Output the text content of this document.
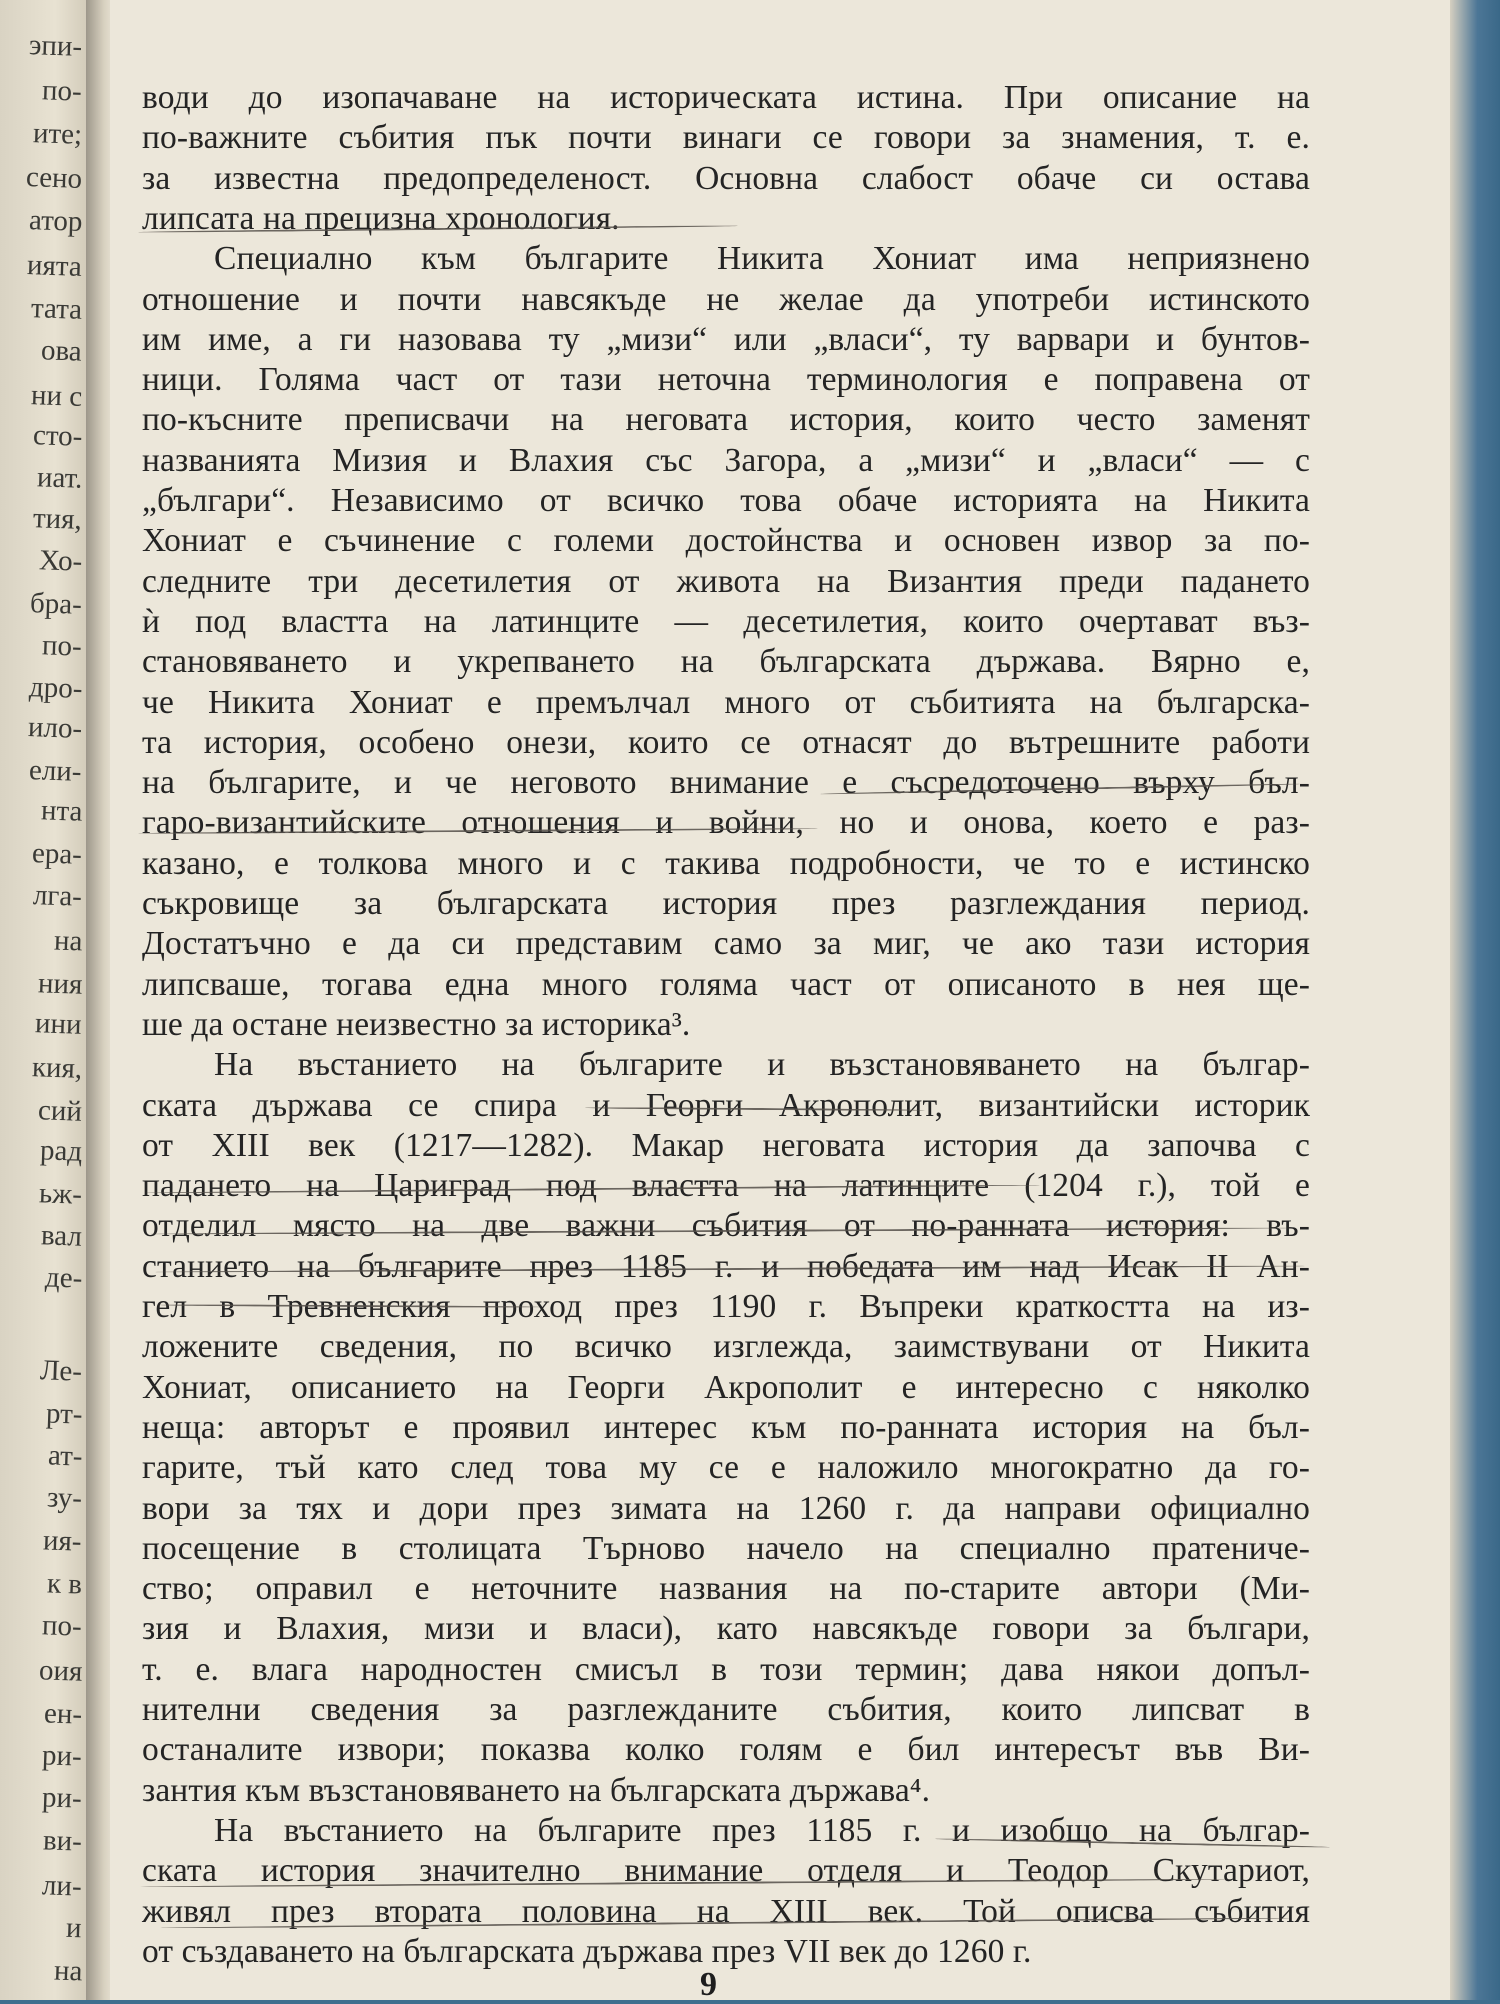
эпи-
по-
ите;
сено
атор
ията
тата
ова
ни с
сто-
иат.
тия,
Хо-
бра-
по-
дро-
ило-
ели-
нта
ера-
лга-
на
ния
ини
кия,
сий
рад
ьж-
вал
де-
Ле-
рт-
ат-
зу-
ия-
к в
по-
оия
ен-
ри-
ри-
ви-
ли-
и
на
води до изопачаване на историческата истина. При описание на
по-важните събития пък почти винаги се говори за знамения, т. е.
за известна предопределеност. Основна слабост обаче си остава
липсата на прецизна хронология.
Специално към българите Никита Хониат има неприязнено
отношение и почти навсякъде не желае да употреби истинското
им име, а ги назовава ту „мизи“ или „власи“, ту варвари и бунтов-
ници. Голяма част от тази неточна терминология е поправена от
по-късните преписвачи на неговата история, които често заменят
названията Мизия и Влахия със Загора, а „мизи“ и „власи“ — с
„българи“. Независимо от всичко това обаче историята на Никита
Хониат е съчинение с големи достойнства и основен извор за по-
следните три десетилетия от живота на Византия преди падането
ѝ под властта на латинците — десетилетия, които очертават въз-
становяването и укрепването на българската държава. Вярно е,
че Никита Хониат е премълчал много от събитията на българска-
та история, особено онези, които се отнасят до вътрешните работи
на българите, и че неговото внимание е съсредоточено върху бъл-
гаро-византийските отношения и войни, но и онова, което е раз-
казано, е толкова много и с такива подробности, че то е истинско
съкровище за българската история през разглеждания период.
Достатъчно е да си представим само за миг, че ако тази история
липсваше, тогава една много голяма част от описаното в нея ще-
ше да остане неизвестно за историка³.
На въстанието на българите и възстановяването на българ-
ската държава се спира и Георги Акрополит, византийски историк
от XIII век (1217—1282). Макар неговата история да започва с
падането на Цариград под властта на латинците (1204 г.), той е
отделил място на две важни събития от по-ранната история: въ-
станието на българите през 1185 г. и победата им над Исак II Ан-
гел в Тревненския проход през 1190 г. Въпреки краткостта на из-
ложените сведения, по всичко изглежда, заимствувани от Никита
Хониат, описанието на Георги Акрополит е интересно с няколко
неща: авторът е проявил интерес към по-ранната история на бъл-
гарите, тъй като след това му се е наложило многократно да го-
вори за тях и дори през зимата на 1260 г. да направи официално
посещение в столицата Търново начело на специално пратеничe-
ство; оправил е неточните названия на по-старите автори (Ми-
зия и Влахия, мизи и власи), като навсякъде говори за българи,
т. е. влага народностен смисъл в този термин; дава някои допъл-
нителни сведения за разглежданите събития, които липсват в
останалите извори; показва колко голям е бил интересът във Ви-
зантия към възстановяването на българската държава⁴.
На въстанието на българите през 1185 г. и изобщо на българ-
ската история значително внимание отделя и Теодор Скутариот,
живял през втората половина на XIII век. Той описва събития
от създаването на българската държава през VII век до 1260 г.
9
